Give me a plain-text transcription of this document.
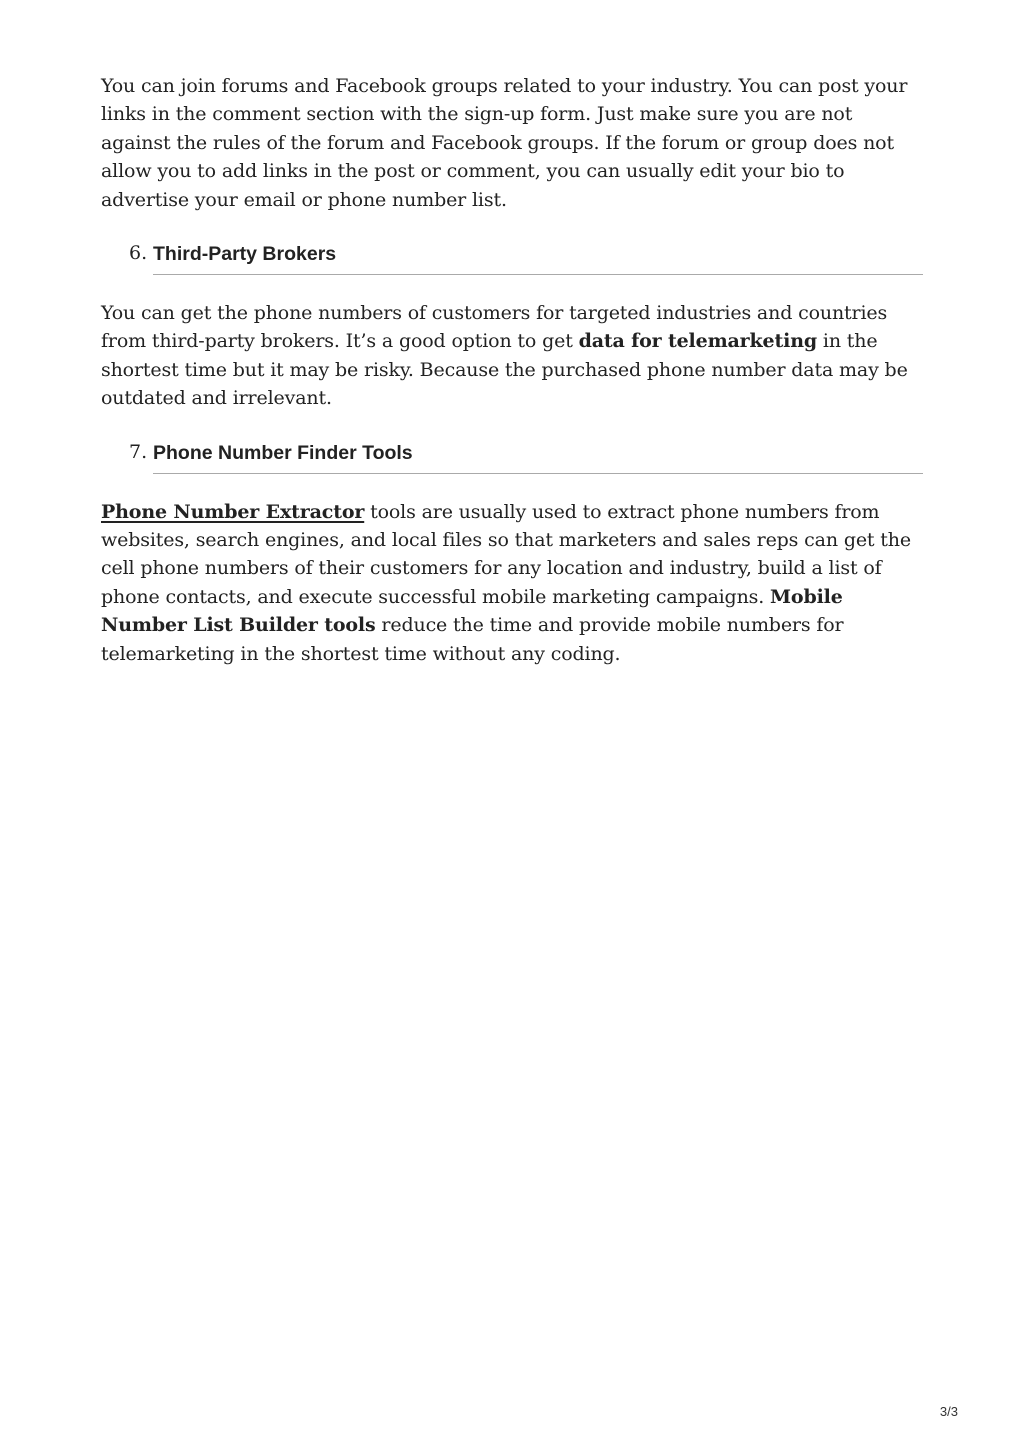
You can join forums and Facebook groups related to your industry. You can post your links in the comment section with the sign-up form. Just make sure you are not against the rules of the forum and Facebook groups. If the forum or group does not allow you to add links in the post or comment, you can usually edit your bio to advertise your email or phone number list.

6. Third-Party Brokers

You can get the phone numbers of customers for targeted industries and countries from third-party brokers. It’s a good option to get data for telemarketing in the shortest time but it may be risky. Because the purchased phone number data may be outdated and irrelevant.

7. Phone Number Finder Tools

Phone Number Extractor tools are usually used to extract phone numbers from websites, search engines, and local files so that marketers and sales reps can get the cell phone numbers of their customers for any location and industry, build a list of phone contacts, and execute successful mobile marketing campaigns. Mobile Number List Builder tools reduce the time and provide mobile numbers for telemarketing in the shortest time without any coding.

3/3
